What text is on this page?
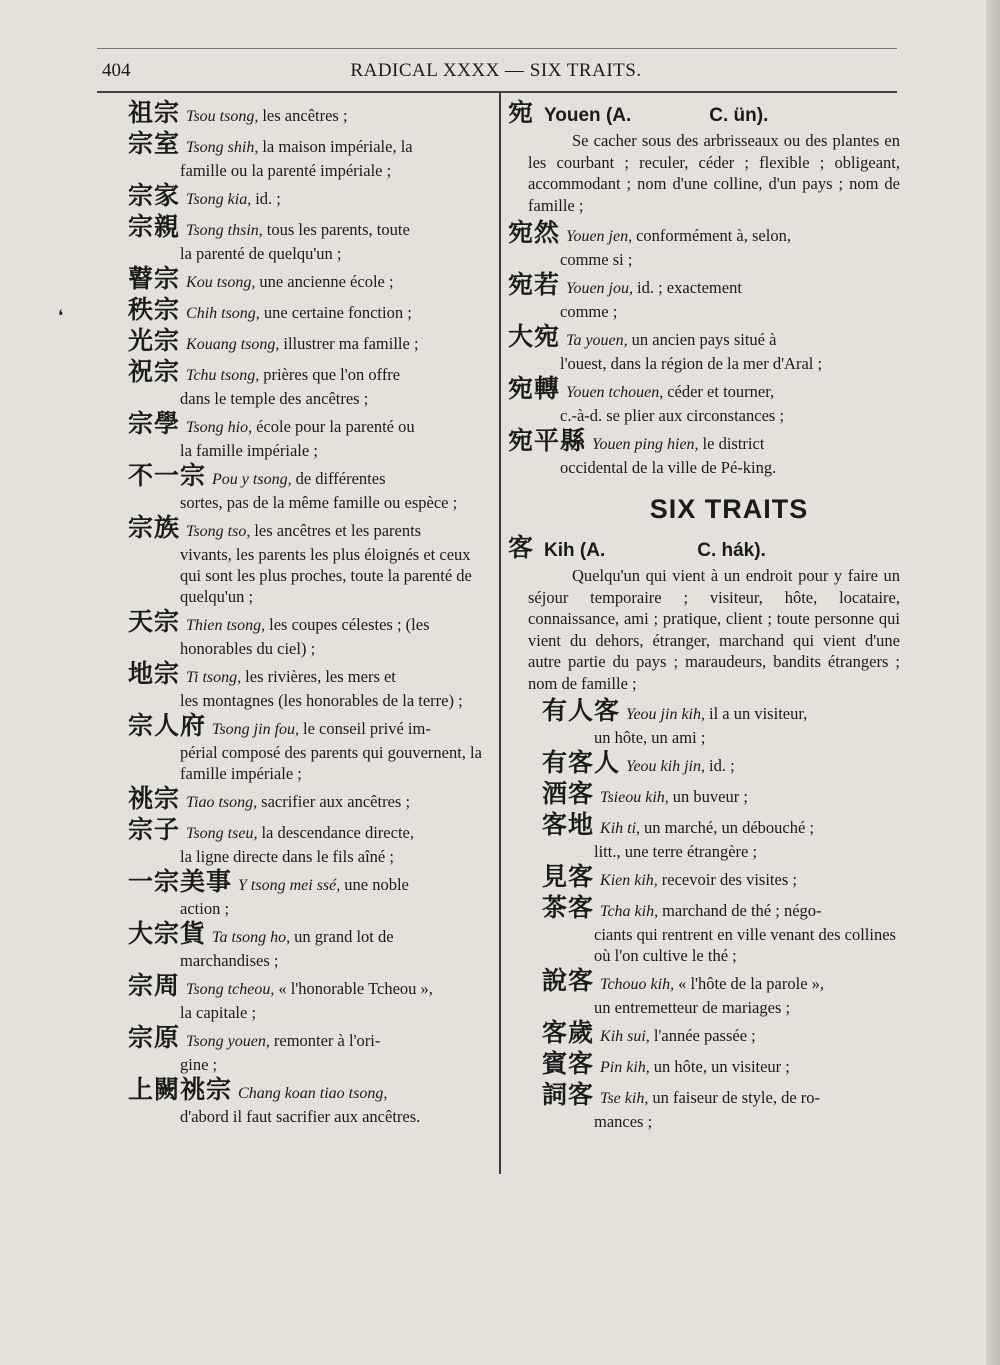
404	RADICAL XXXX — SIX TRAITS.
❛
祖宗 Tsou tsong, les ancêtres ;
宗室 Tsong shih, la maison impériale, la
famille ou la parenté impériale ;
宗家 Tsong kia, id. ;
宗親 Tsong thsin, tous les parents, toute
la parenté de quelqu'un ;
瞽宗 Kou tsong, une ancienne école ;
秩宗 Chih tsong, une certaine fonction ;
光宗 Kouang tsong, illustrer ma famille ;
祝宗 Tchu tsong, prières que l'on offre
dans le temple des ancêtres ;
宗學 Tsong hio, école pour la parenté ou
la famille impériale ;
不一宗 Pou y tsong, de différentes
sortes, pas de la même famille ou espèce ;
宗族 Tsong tso, les ancêtres et les parents
vivants, les parents les plus éloignés et ceux qui sont les plus proches, toute la parenté de quelqu'un ;
天宗 Thien tsong, les coupes célestes ; (les
honorables du ciel) ;
地宗 Ti tsong, les rivières, les mers et
les montagnes (les honorables de la terre) ;
宗人府 Tsong jin fou, le conseil privé im-
périal composé des parents qui gouvernent, la famille impériale ;
祧宗 Tiao tsong, sacrifier aux ancêtres ;
宗子 Tsong tseu, la descendance directe,
la ligne directe dans le fils aîné ;
一宗美事 Y tsong mei ssé, une noble
action ;
大宗貨 Ta tsong ho, un grand lot de
marchandises ;
宗周 Tsong tcheou, « l'honorable Tcheou »,
la capitale ;
宗原 Tsong youen, remonter à l'ori-
gine ;
上闕祧宗 Chang koan tiao tsong,
d'abord il faut sacrifier aux ancêtres.
宛 Youen (A.	C. ün).
Se cacher sous des arbrisseaux ou des plantes en les courbant ; reculer, céder ; flexible ; obligeant, accommodant ; nom d'une colline, d'un pays ; nom de famille ;
宛然 Youen jen, conformément à, selon,
comme si ;
宛若 Youen jou, id. ; exactement
comme ;
大宛 Ta youen, un ancien pays situé à
l'ouest, dans la région de la mer d'Aral ;
宛轉 Youen tchouen, céder et tourner,
c.-à-d. se plier aux circonstances ;
宛平縣 Youen ping hien, le district
occidental de la ville de Pé-king.
SIX TRAITS
客 Kih (A.	C. hák).
Quelqu'un qui vient à un endroit pour y faire un séjour temporaire ; visiteur, hôte, locataire, connaissance, ami ; pratique, client ; toute personne qui vient du dehors, étranger, marchand qui vient d'une autre partie du pays ; maraudeurs, bandits étrangers ; nom de famille ;
有人客 Yeou jin kih, il a un visiteur,
un hôte, un ami ;
有客人 Yeou kih jin, id. ;
酒客 Tsieou kih, un buveur ;
客地 Kih ti, un marché, un débouché ;
litt., une terre étrangère ;
見客 Kien kih, recevoir des visites ;
茶客 Tcha kih, marchand de thé ; négo-
ciants qui rentrent en ville venant des collines où l'on cultive le thé ;
說客 Tchouo kih, « l'hôte de la parole »,
un entremetteur de mariages ;
客歲 Kih sui, l'année passée ;
賓客 Pin kih, un hôte, un visiteur ;
詞客 Tse kih, un faiseur de style, de ro-
mances ;
